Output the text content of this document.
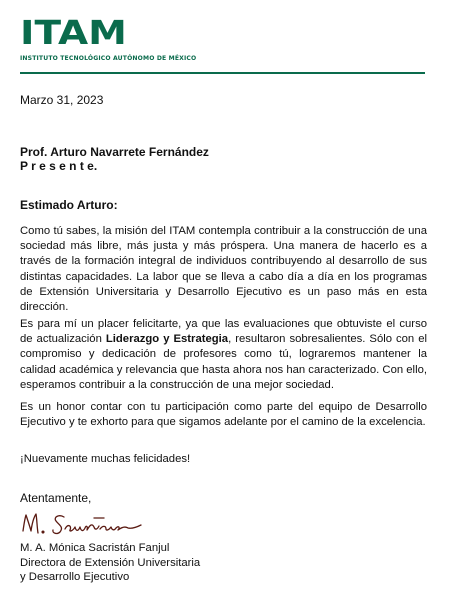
ITAM
INSTITUTO TECNOLÓGICO AUTÓNOMO DE MÉXICO
Marzo 31, 2023
Prof. Arturo Navarrete Fernández
P r e s e n t e.
Estimado Arturo:
Como tú sabes, la misión del ITAM contempla contribuir a la construcción de una sociedad más libre, más justa y más próspera. Una manera de hacerlo es a través de la formación integral de individuos contribuyendo al desarrollo de sus distintas capacidades. La labor que se lleva a cabo día a día en los programas de Extensión Universitaria y Desarrollo Ejecutivo es un paso más en esta dirección.
Es para mí un placer felicitarte, ya que las evaluaciones que obtuviste el curso de actualización Liderazgo y Estrategia, resultaron sobresalientes. Sólo con el compromiso y dedicación de profesores como tú, lograremos mantener la calidad académica y relevancia que hasta ahora nos han caracterizado. Con ello, esperamos contribuir a la construcción de una mejor sociedad.
Es un honor contar con tu participación como parte del equipo de Desarrollo Ejecutivo y te exhorto para que sigamos adelante por el camino de la excelencia.
¡Nuevamente muchas felicidades!
Atentamente,
M. A. Mónica Sacristán Fanjul
Directora de Extensión Universitaria
y Desarrollo Ejecutivo
